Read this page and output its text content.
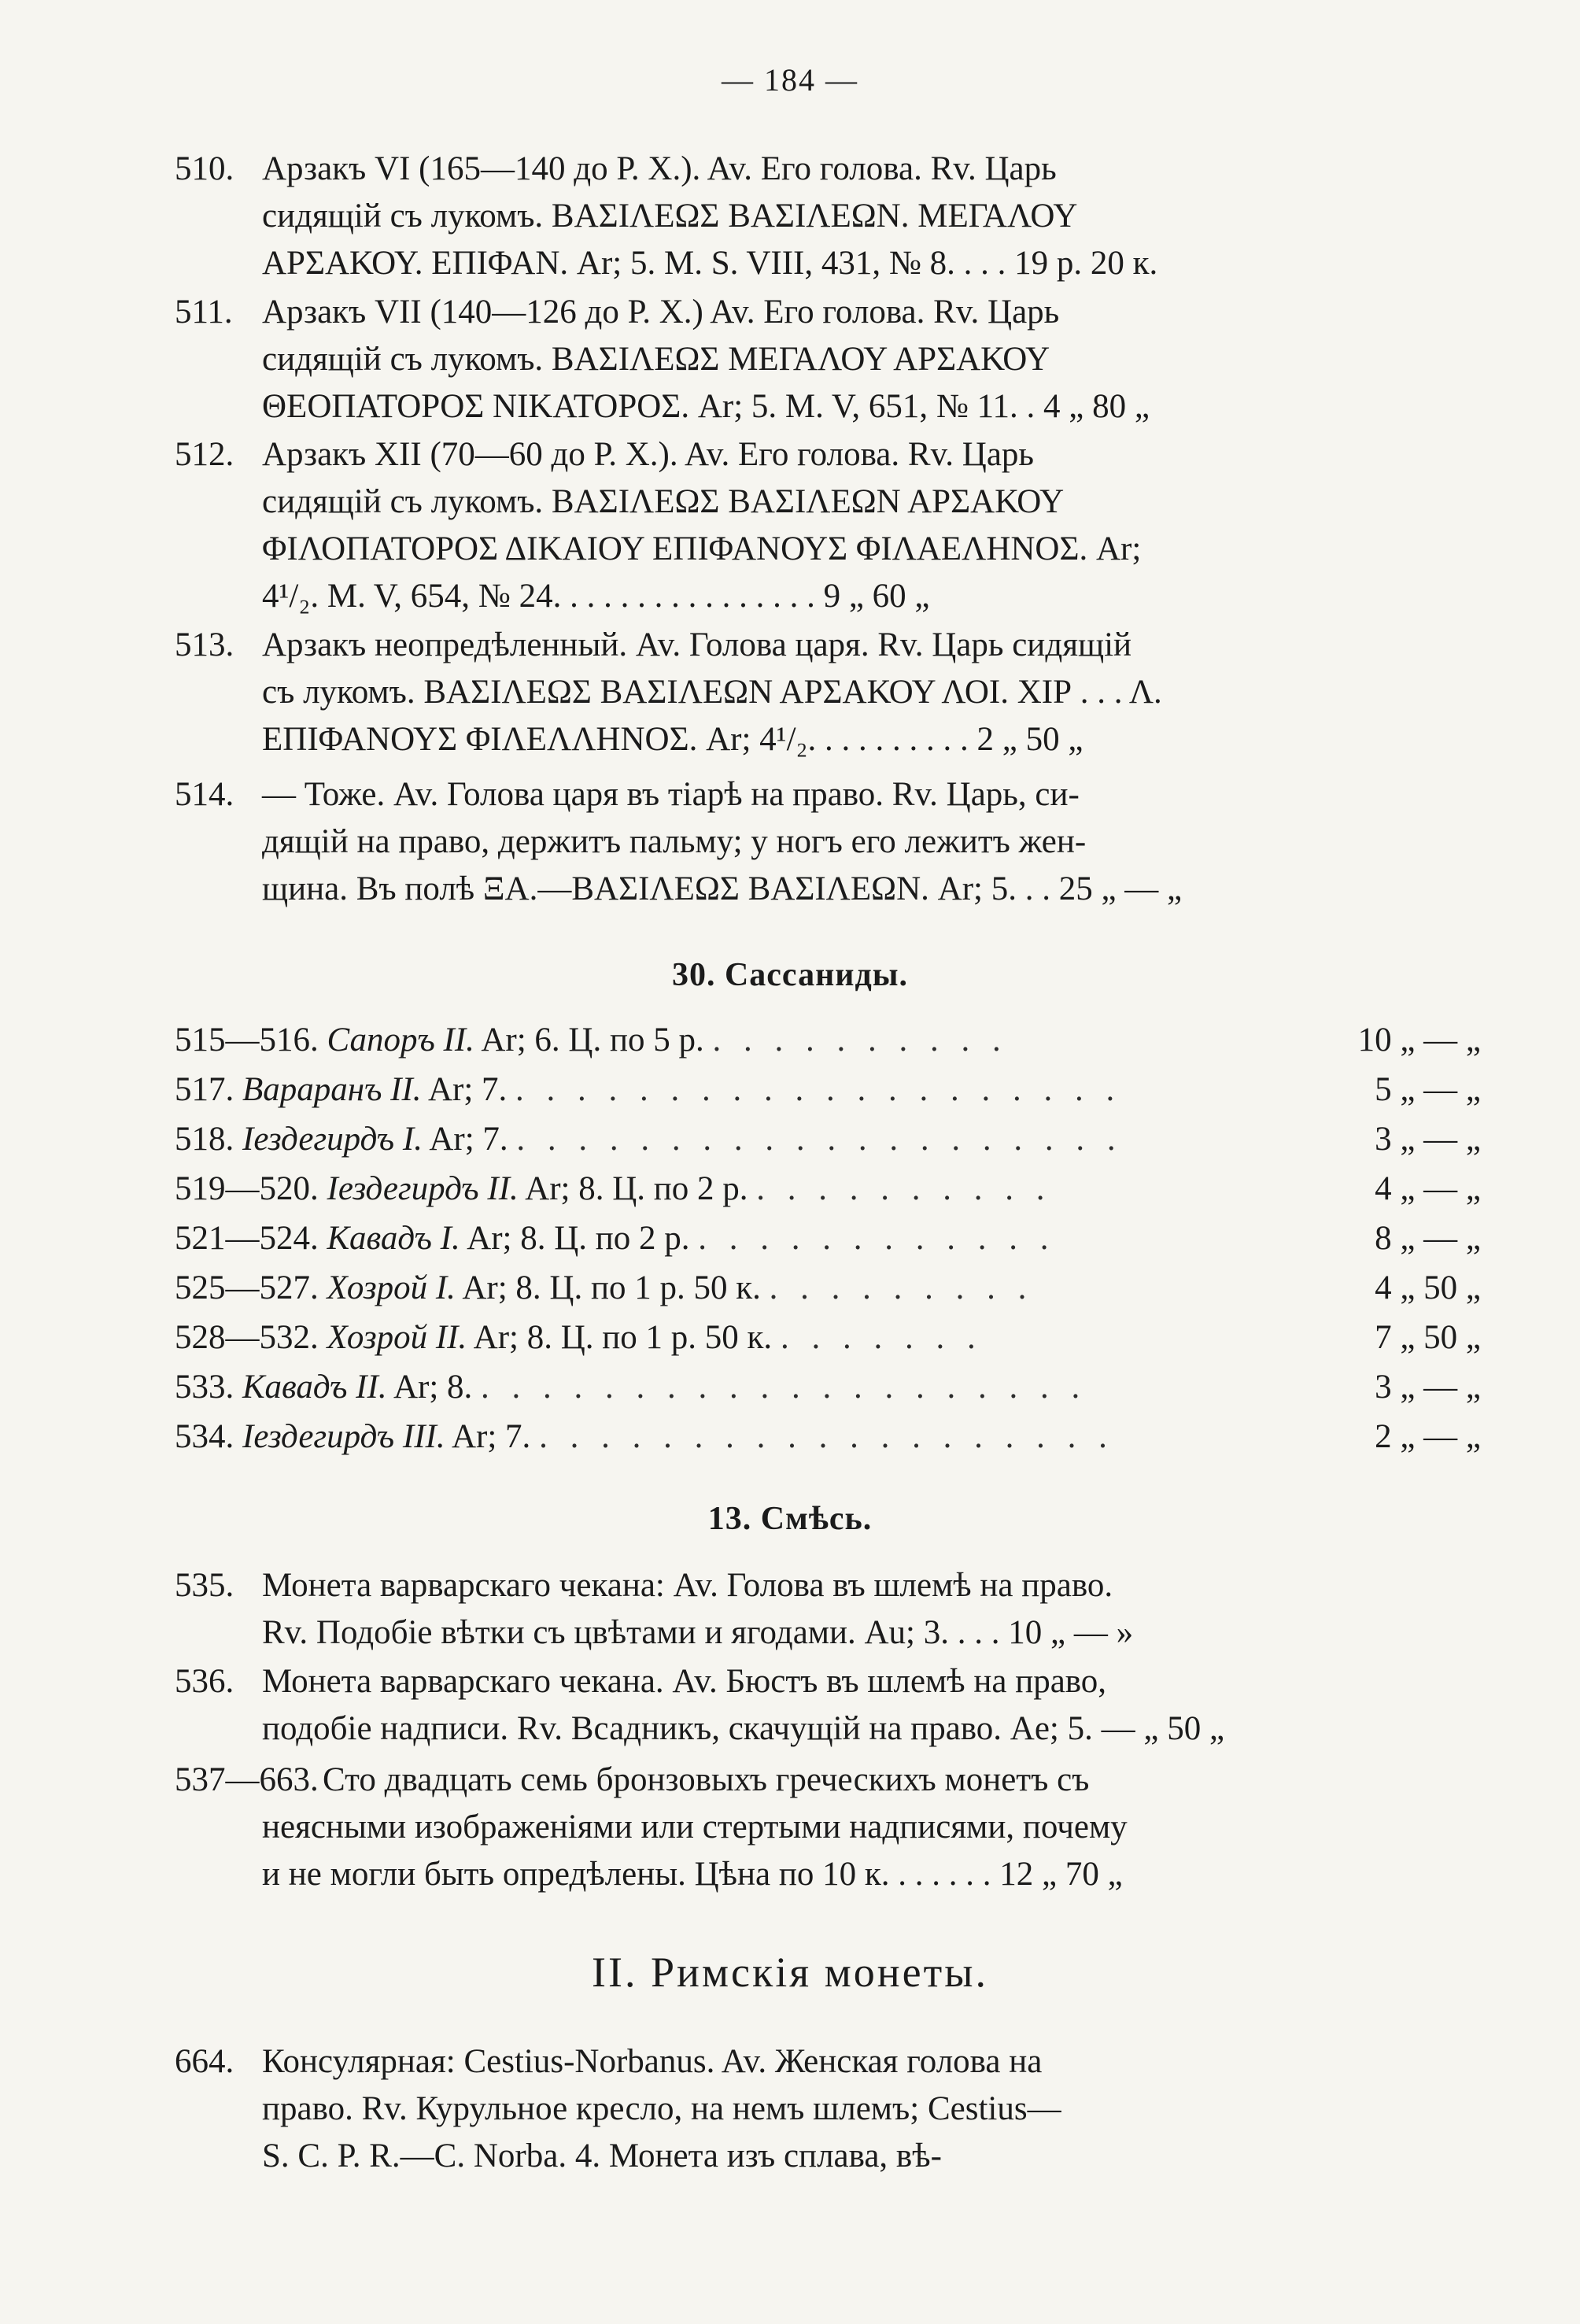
— 184 —
510. Арзакъ VI (165—140 до Р. Х.). Av. Его голова. Rv. Царь
сидящій съ лукомъ. ΒΑΣΙΛΕΩΣ ΒΑΣΙΛΕΩΝ. ΜΕΓΑΛΟΥ
ΑΡΣΑΚΟΥ. ΕΠΙΦΑΝ. Ar; 5. M. S. VIII, 431, № 8. . . . 19 р. 20 к.
511. Арзакъ VII (140—126 до Р. Х.) Av. Его голова. Rv. Царь
сидящій съ лукомъ. ΒΑΣΙΛΕΩΣ ΜΕΓΑΛΟΥ ΑΡΣΑΚΟΥ
ΘΕΟΠΑΤΟΡΟΣ ΝΙΚΑΤΟΡΟΣ. Ar; 5. M. V, 651, № 11. . 4 „ 80 „
512. Арзакъ XII (70—60 до Р. Х.). Av. Его голова. Rv. Царь
сидящій съ лукомъ. ΒΑΣΙΛΕΩΣ ΒΑΣΙΛΕΩΝ ΑΡΣΑΚΟΥ
ΦΙΛΟΠΑΤΟΡΟΣ ΔΙΚΑΙΟΥ ΕΠΙΦΑΝΟΥΣ ΦΙΛΑΕΛΗΝΟΣ. Ar;
4¹/₂. M. V, 654, № 24. . . . . . . . . . . . . . . . 9 „ 60 „
513. Арзакъ неопредѣленный. Av. Голова царя. Rv. Царь сидящій
съ лукомъ. ΒΑΣΙΛΕΩΣ ΒΑΣΙΛΕΩΝ ΑΡΣΑΚΟΥ ΛΟΙ. ΧΙΡ . . . Λ.
ΕΠΙΦΑΝΟΥΣ ΦΙΛΕΛΛΗΝΟΣ. Ar; 4¹/₂. . . . . . . . . . 2 „ 50 „
514. — Тоже. Av. Голова царя въ тіарѣ на право. Rv. Царь, си-
дящій на право, держитъ пальму; у ногъ его лежитъ жен-
щина. Въ полѣ ΞΑ.—ΒΑΣΙΛΕΩΣ ΒΑΣΙΛΕΩΝ. Ar; 5. . . 25 „ — „
30. Сассаниды.
515—516. Сапоръ II. Ar; 6. Ц. по 5 р. . . . . . . . . . .	10 „ — „
517. Вараранъ II. Ar; 7. . . . . . . . . . . . . . . . . . . . .	5 „ — „
518. Іездегирдъ I. Ar; 7. . . . . . . . . . . . . . . . . . . . .	3 „ — „
519—520. Іездегирдъ II. Ar; 8. Ц. по 2 р. . . . . . . . . . .	4 „ — „
521—524. Кавадъ I. Ar; 8. Ц. по 2 р. . . . . . . . . . . . .	8 „ — „
525—527. Хозрой I. Ar; 8. Ц. по 1 р. 50 к. . . . . . . . . .	4 „ 50 „
528—532. Хозрой II. Ar; 8. Ц. по 1 р. 50 к. . . . . . . .	7 „ 50 „
533. Кавадъ II. Ar; 8. . . . . . . . . . . . . . . . . . . . .	3 „ — „
534. Іездегирдъ III. Ar; 7. . . . . . . . . . . . . . . . . . . .	2 „ — „
13. Смѣсь.
535. Монета варварскаго чекана: Av. Голова въ шлемѣ на право.
Rv. Подобіе вѣтки съ цвѣтами и ягодами. Au; 3. . . . 10 „ — »
536. Монета варварскаго чекана. Av. Бюстъ въ шлемѣ на право,
подобіе надписи. Rv. Всадникъ, скачущій на право. Ae; 5. — „ 50 „
537—663. Сто двадцать семь бронзовыхъ греческихъ монетъ съ
неясными изображеніями или стертыми надписями, почему
и не могли быть опредѣлены. Цѣна по 10 к. . . . . . . 12 „ 70 „
II. Римскія монеты.
664. Консулярная: Cestius-Norbanus. Av. Женская голова на
право. Rv. Курульное кресло, на немъ шлемъ; Cestius—
S. C. P. R.—C. Norba. 4. Монета изъ сплава, вѣ-
